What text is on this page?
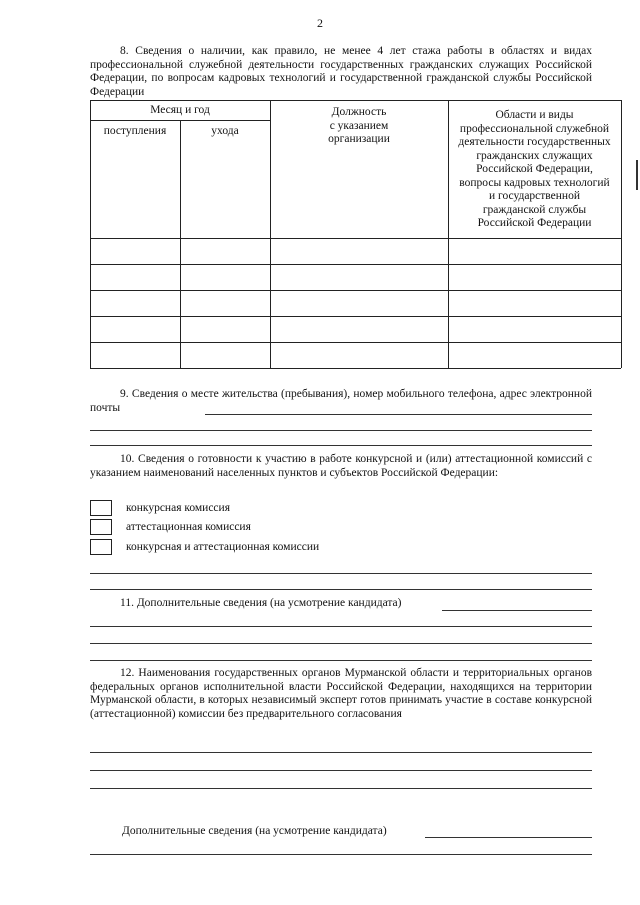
2
8. Сведения о наличии, как правило, не менее 4 лет стажа работы в областях и видах профессиональной служебной деятельности государственных гражданских служащих Российской Федерации, по вопросам кадровых технологий и государственной гражданской службы Российской Федерации
Месяц и год
поступления	ухода
Должность
с указанием
организации
Области и виды
профессиональной служебной
деятельности государственных
гражданских служащих
Российской Федерации,
вопросы кадровых технологий
и государственной
гражданской службы
Российской Федерации
9. Сведения о месте жительства (пребывания), номер мобильного телефона, адрес электронной почты
10. Сведения о готовности к участию в работе конкурсной и (или) аттестационной комиссий с указанием наименований населенных пунктов и субъектов Российской Федерации:
конкурсная комиссия
аттестационная комиссия
конкурсная и аттестационная комиссии
11. Дополнительные сведения (на усмотрение кандидата)
12. Наименования государственных органов Мурманской области и территориальных органов федеральных органов исполнительной власти Российской Федерации, находящихся на территории Мурманской области, в которых независимый эксперт готов принимать участие в составе конкурсной (аттестационной) комиссии без предварительного согласования
Дополнительные сведения (на усмотрение кандидата)
